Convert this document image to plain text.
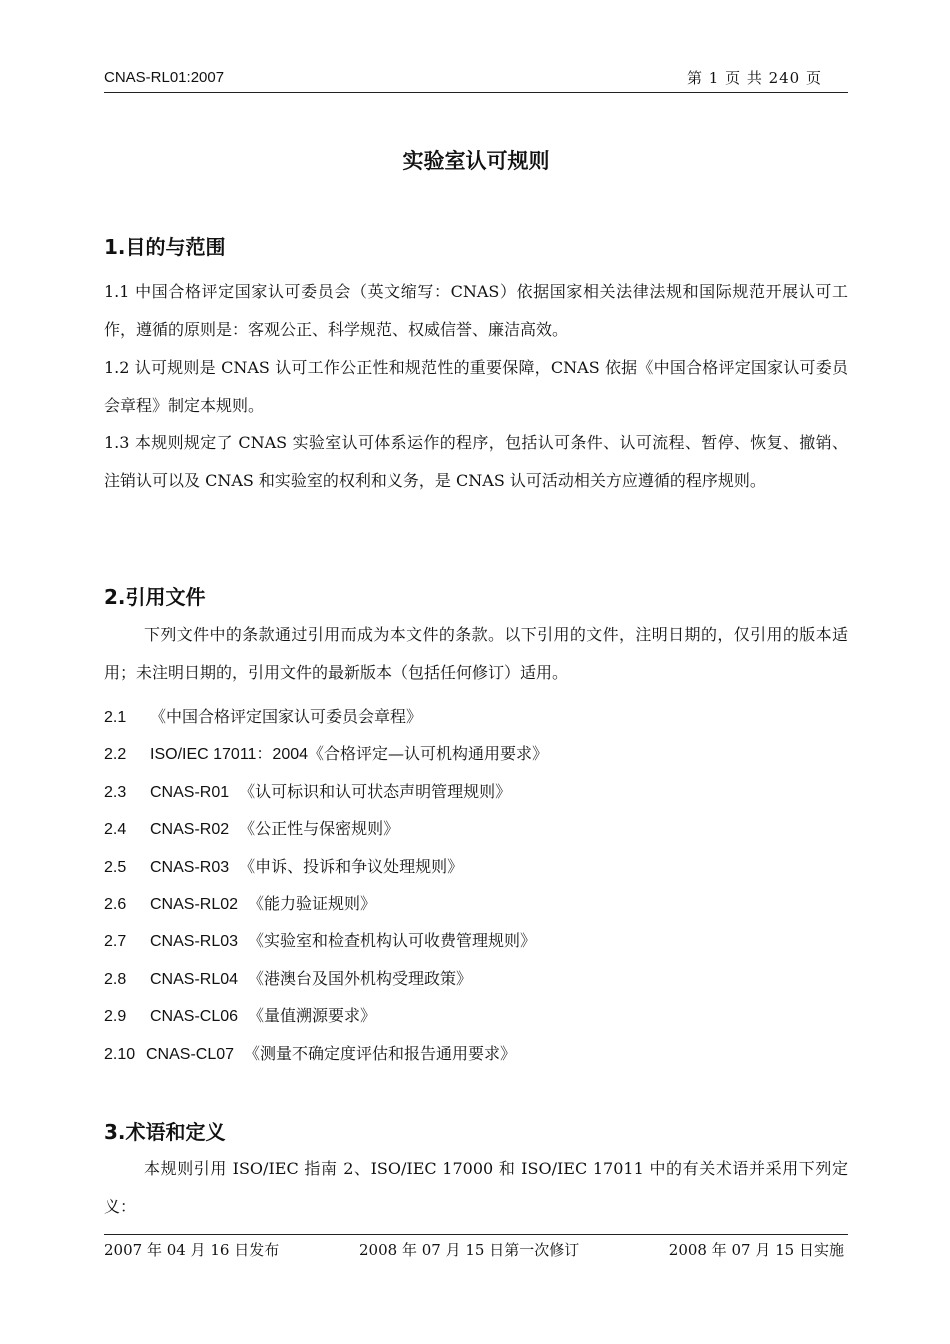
CNAS-RL01:2007	第 1 页 共 240 页
实验室认可规则
1.目的与范围
1.1 中国合格评定国家认可委员会（英文缩写：CNAS）依据国家相关法律法规和国际规范开展认可工作，遵循的原则是：客观公正、科学规范、权威信誉、廉洁高效。
1.2 认可规则是 CNAS 认可工作公正性和规范性的重要保障，CNAS 依据《中国合格评定国家认可委员会章程》制定本规则。
1.3 本规则规定了 CNAS 实验室认可体系运作的程序，包括认可条件、认可流程、暂停、恢复、撤销、注销认可以及 CNAS 和实验室的权利和义务，是 CNAS 认可活动相关方应遵循的程序规则。
2.引用文件
下列文件中的条款通过引用而成为本文件的条款。以下引用的文件，注明日期的，仅引用的版本适用；未注明日期的，引用文件的最新版本（包括任何修订）适用。
2.1 《中国合格评定国家认可委员会章程》
2.2 ISO/IEC 17011：2004《合格评定—认可机构通用要求》
2.3 CNAS-R01 《认可标识和认可状态声明管理规则》
2.4 CNAS-R02 《公正性与保密规则》
2.5 CNAS-R03 《申诉、投诉和争议处理规则》
2.6 CNAS-RL02 《能力验证规则》
2.7 CNAS-RL03 《实验室和检查机构认可收费管理规则》
2.8 CNAS-RL04 《港澳台及国外机构受理政策》
2.9 CNAS-CL06 《量值溯源要求》
2.10 CNAS-CL07 《测量不确定度评估和报告通用要求》
3.术语和定义
本规则引用 ISO/IEC 指南 2、ISO/IEC 17000 和 ISO/IEC 17011 中的有关术语并采用下列定义：
2007 年 04 月 16 日发布	2008 年 07 月 15 日第一次修订	2008 年 07 月 15 日实施
